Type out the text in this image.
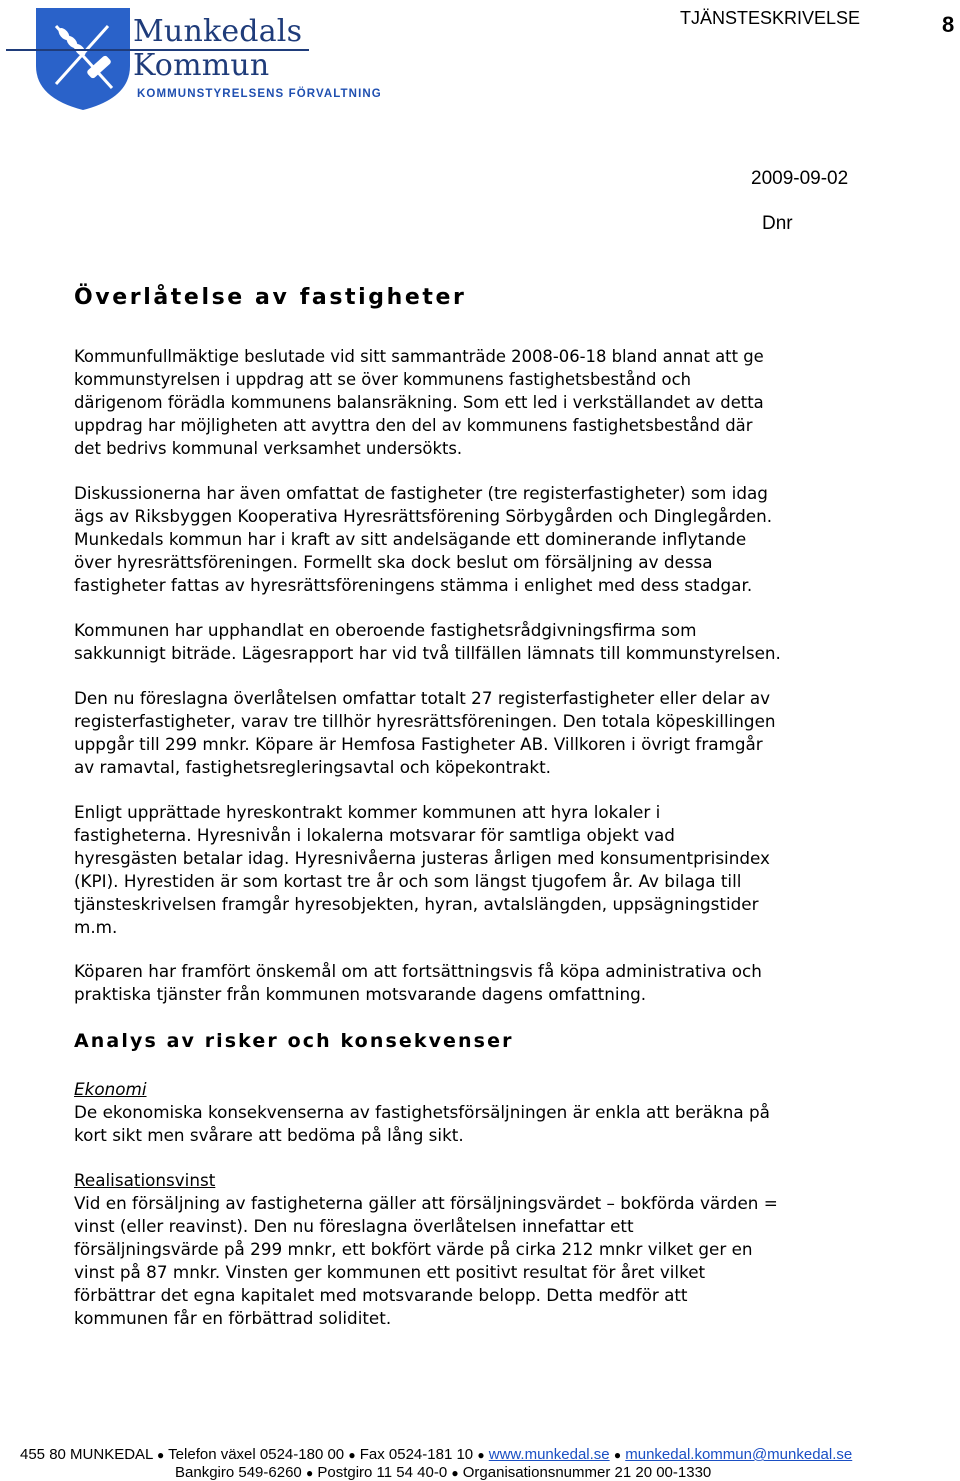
Munkedals
Kommun
KOMMUNSTYRELSENS FÖRVALTNING
TJÄNSTESKRIVELSE	8
2009-09-02
Dnr
Överlåtelse av fastigheter
Kommunfullmäktige beslutade vid sitt sammanträde 2008-06-18 bland annat att ge
kommunstyrelsen i uppdrag att se över kommunens fastighetsbestånd och
därigenom förädla kommunens balansräkning. Som ett led i verkställandet av detta
uppdrag har möjligheten att avyttra den del av kommunens fastighetsbestånd där
det bedrivs kommunal verksamhet undersökts.
Diskussionerna har även omfattat de fastigheter (tre registerfastigheter) som idag
ägs av Riksbyggen Kooperativa Hyresrättsförening Sörbygården och Dinglegården.
Munkedals kommun har i kraft av sitt andelsägande ett dominerande inflytande
över hyresrättsföreningen. Formellt ska dock beslut om försäljning av dessa
fastigheter fattas av hyresrättsföreningens stämma i enlighet med dess stadgar.
Kommunen har upphandlat en oberoende fastighetsrådgivningsfirma som
sakkunnigt biträde. Lägesrapport har vid två tillfällen lämnats till kommunstyrelsen.
Den nu föreslagna överlåtelsen omfattar totalt 27 registerfastigheter eller delar av
registerfastigheter, varav tre tillhör hyresrättsföreningen. Den totala köpeskillingen
uppgår till 299 mnkr. Köpare är Hemfosa Fastigheter AB. Villkoren i övrigt framgår
av ramavtal, fastighetsregleringsavtal och köpekontrakt.
Enligt upprättade hyreskontrakt kommer kommunen att hyra lokaler i
fastigheterna. Hyresnivån i lokalerna motsvarar för samtliga objekt vad
hyresgästen betalar idag. Hyresnivåerna justeras årligen med konsumentprisindex
(KPI). Hyrestiden är som kortast tre år och som längst tjugofem år. Av bilaga till
tjänsteskrivelsen framgår hyresobjekten, hyran, avtalslängden, uppsägningstider
m.m.
Köparen har framfört önskemål om att fortsättningsvis få köpa administrativa och
praktiska tjänster från kommunen motsvarande dagens omfattning.
Analys av risker och konsekvenser
Ekonomi
De ekonomiska konsekvenserna av fastighetsförsäljningen är enkla att beräkna på
kort sikt men svårare att bedöma på lång sikt.
Realisationsvinst
Vid en försäljning av fastigheterna gäller att försäljningsvärdet – bokförda värden =
vinst (eller reavinst). Den nu föreslagna överlåtelsen innefattar ett
försäljningsvärde på 299 mnkr, ett bokfört värde på cirka 212 mnkr vilket ger en
vinst på 87 mnkr. Vinsten ger kommunen ett positivt resultat för året vilket
förbättrar det egna kapitalet med motsvarande belopp. Detta medför att
kommunen får en förbättrad soliditet.
455 80 MUNKEDAL ● Telefon växel 0524-180 00 ● Fax 0524-181 10 ● www.munkedal.se ● munkedal.kommun@munkedal.se
Bankgiro 549-6260 ● Postgiro 11 54 40-0 ● Organisationsnummer 21 20 00-1330
